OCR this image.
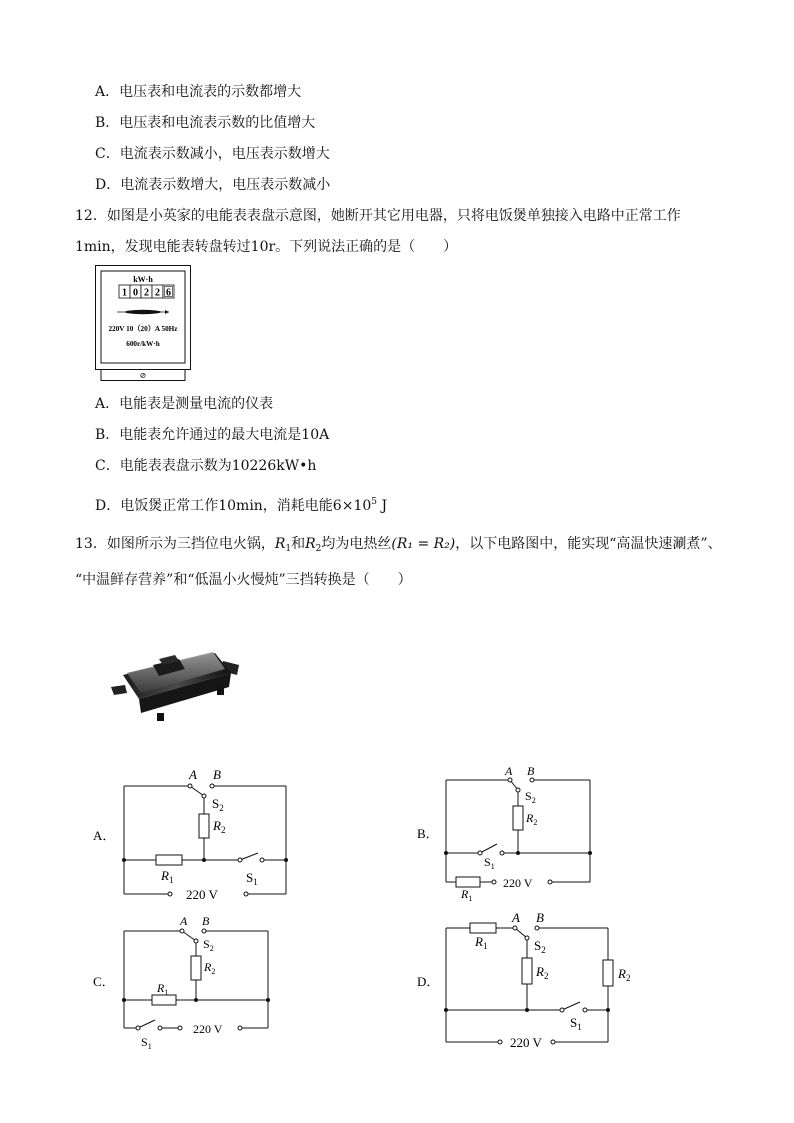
A．电压表和电流表的示数都增大
B．电压表和电流表示数的比值增大
C．电流表示数减小，电压表示数增大
D．电流表示数增大，电压表示数减小
12．如图是小英家的电能表表盘示意图，她断开其它用电器，只将电饭煲单独接入电路中正常工作
1min，发现电能表转盘转过10r。下列说法正确的是（　　）
kW·h
1 0 2 2 6
220V 10（20）A 50Hz
600r/kW·h
⊘
A．电能表是测量电流的仪表
B．电能表允许通过的最大电流是10A
C．电能表表盘示数为10226kW•h
D．电饭煲正常工作10min，消耗电能$6\times 10^5$ J
13．如图所示为三挡位电火锅，$R_1$和$R_2$均为电热丝(R₁ = R₂)，以下电路图中，能实现“高温快速涮煮”、
“中温鲜存营养”和“低温小火慢炖”三挡转换是（　　）
A．
A B
$S_2$
$R_2$
$R_1$	$S_1$
220 V
B．
A B
$S_2$
$R_2$
$S_1$
$R_1$
220 V
C．
A B
$S_2$
$R_2$
$R_1$
$S_1$
220 V
D．
$R_1$
A B
$S_2$
$R_2$	$R_2$
$S_1$
220 V
